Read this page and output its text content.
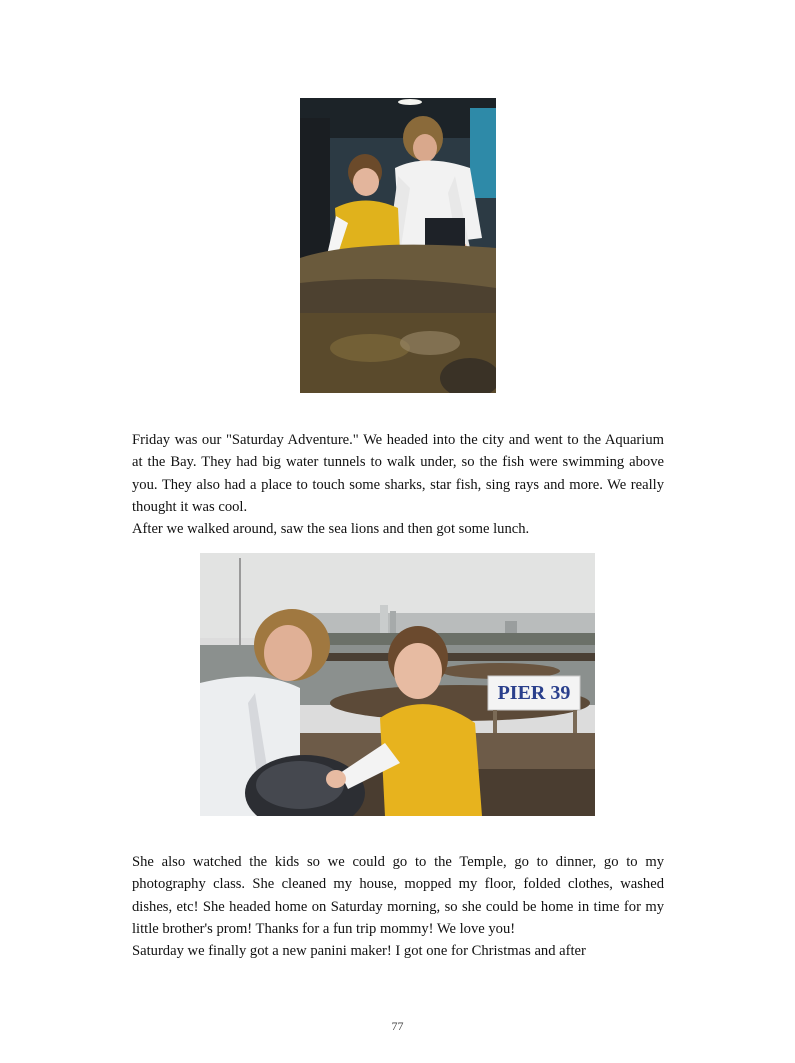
Friday was our "Saturday Adventure." We headed into the city and went to the Aquarium at the Bay. They had big water tunnels to walk under, so the fish were swimming above you. They also had a place to touch some sharks, star fish, sing rays and more. We really thought it was cool.

After we walked around, saw the sea lions and then got some lunch.

PIER 39

She also watched the kids so we could go to the Temple, go to dinner, go to my photography class. She cleaned my house, mopped my floor, folded clothes, washed dishes, etc! She headed home on Saturday morning, so she could be home in time for my little brother's prom! Thanks for a fun trip mommy! We love you!

Saturday we finally got a new panini maker! I got one for Christmas and after

77
